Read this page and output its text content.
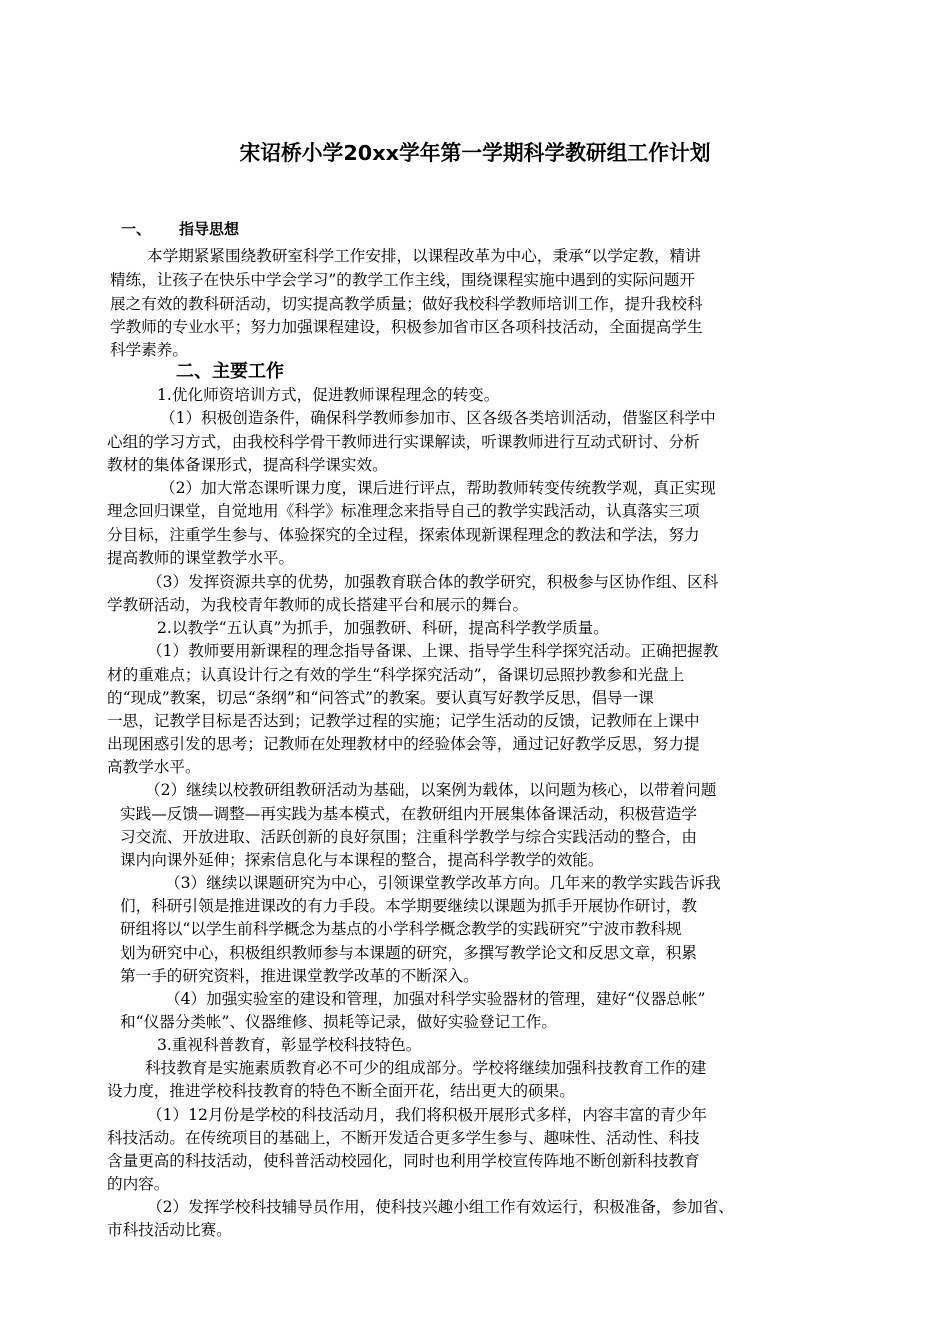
宋诏桥小学20xx学年第一学期科学教研组工作计划
一、 指导思想
本学期紧紧围绕教研室科学工作安排，以课程改革为中心，秉承“以学定教，精讲
精练，让孩子在快乐中学会学习”的教学工作主线，围绕课程实施中遇到的实际问题开
展之有效的教科研活动，切实提高教学质量；做好我校科学教师培训工作，提升我校科
学教师的专业水平；努力加强课程建设，积极参加省市区各项科技活动，全面提高学生
科学素养。
二、主要工作
1.优化师资培训方式，促进教师课程理念的转变。
（1）积极创造条件，确保科学教师参加市、区各级各类培训活动，借鉴区科学中
心组的学习方式，由我校科学骨干教师进行实课解读，听课教师进行互动式研讨、分析
教材的集体备课形式，提高科学课实效。
（2）加大常态课听课力度，课后进行评点，帮助教师转变传统教学观，真正实现
理念回归课堂，自觉地用《科学》标准理念来指导自己的教学实践活动，认真落实三项
分目标，注重学生参与、体验探究的全过程，探索体现新课程理念的教法和学法，努力
提高教师的课堂教学水平。
（3）发挥资源共享的优势，加强教育联合体的教学研究，积极参与区协作组、区科
学教研活动，为我校青年教师的成长搭建平台和展示的舞台。
2.以教学“五认真”为抓手，加强教研、科研，提高科学教学质量。
（1）教师要用新课程的理念指导备课、上课、指导学生科学探究活动。正确把握教
材的重难点；认真设计行之有效的学生“科学探究活动”，备课切忌照抄教参和光盘上
的“现成”教案，切忌“条纲”和“问答式”的教案。要认真写好教学反思，倡导一课
一思，记教学目标是否达到；记教学过程的实施；记学生活动的反馈，记教师在上课中
出现困惑引发的思考；记教师在处理教材中的经验体会等，通过记好教学反思，努力提
高教学水平。
（2）继续以校教研组教研活动为基础，以案例为载体，以问题为核心，以带着问题
实践—反馈—调整—再实践为基本模式，在教研组内开展集体备课活动，积极营造学
习交流、开放进取、活跃创新的良好氛围；注重科学教学与综合实践活动的整合，由
课内向课外延伸；探索信息化与本课程的整合，提高科学教学的效能。
（3）继续以课题研究为中心，引领课堂教学改革方向。几年来的教学实践告诉我
们，科研引领是推进课改的有力手段。本学期要继续以课题为抓手开展协作研讨，教
研组将以“以学生前科学概念为基点的小学科学概念教学的实践研究”宁波市教科规
划为研究中心，积极组织教师参与本课题的研究，多撰写教学论文和反思文章，积累
第一手的研究资料，推进课堂教学改革的不断深入。
（4）加强实验室的建设和管理，加强对科学实验器材的管理，建好“仪器总帐”
和“仪器分类帐”、仪器维修、损耗等记录，做好实验登记工作。
3.重视科普教育，彰显学校科技特色。
科技教育是实施素质教育必不可少的组成部分。学校将继续加强科技教育工作的建
设力度，推进学校科技教育的特色不断全面开花，结出更大的硕果。
（1）12月份是学校的科技活动月，我们将积极开展形式多样，内容丰富的青少年
科技活动。在传统项目的基础上，不断开发适合更多学生参与、趣味性、活动性、科技
含量更高的科技活动，使科普活动校园化，同时也利用学校宣传阵地不断创新科技教育
的内容。
（2）发挥学校科技辅导员作用，使科技兴趣小组工作有效运行，积极准备，参加省、
市科技活动比赛。
